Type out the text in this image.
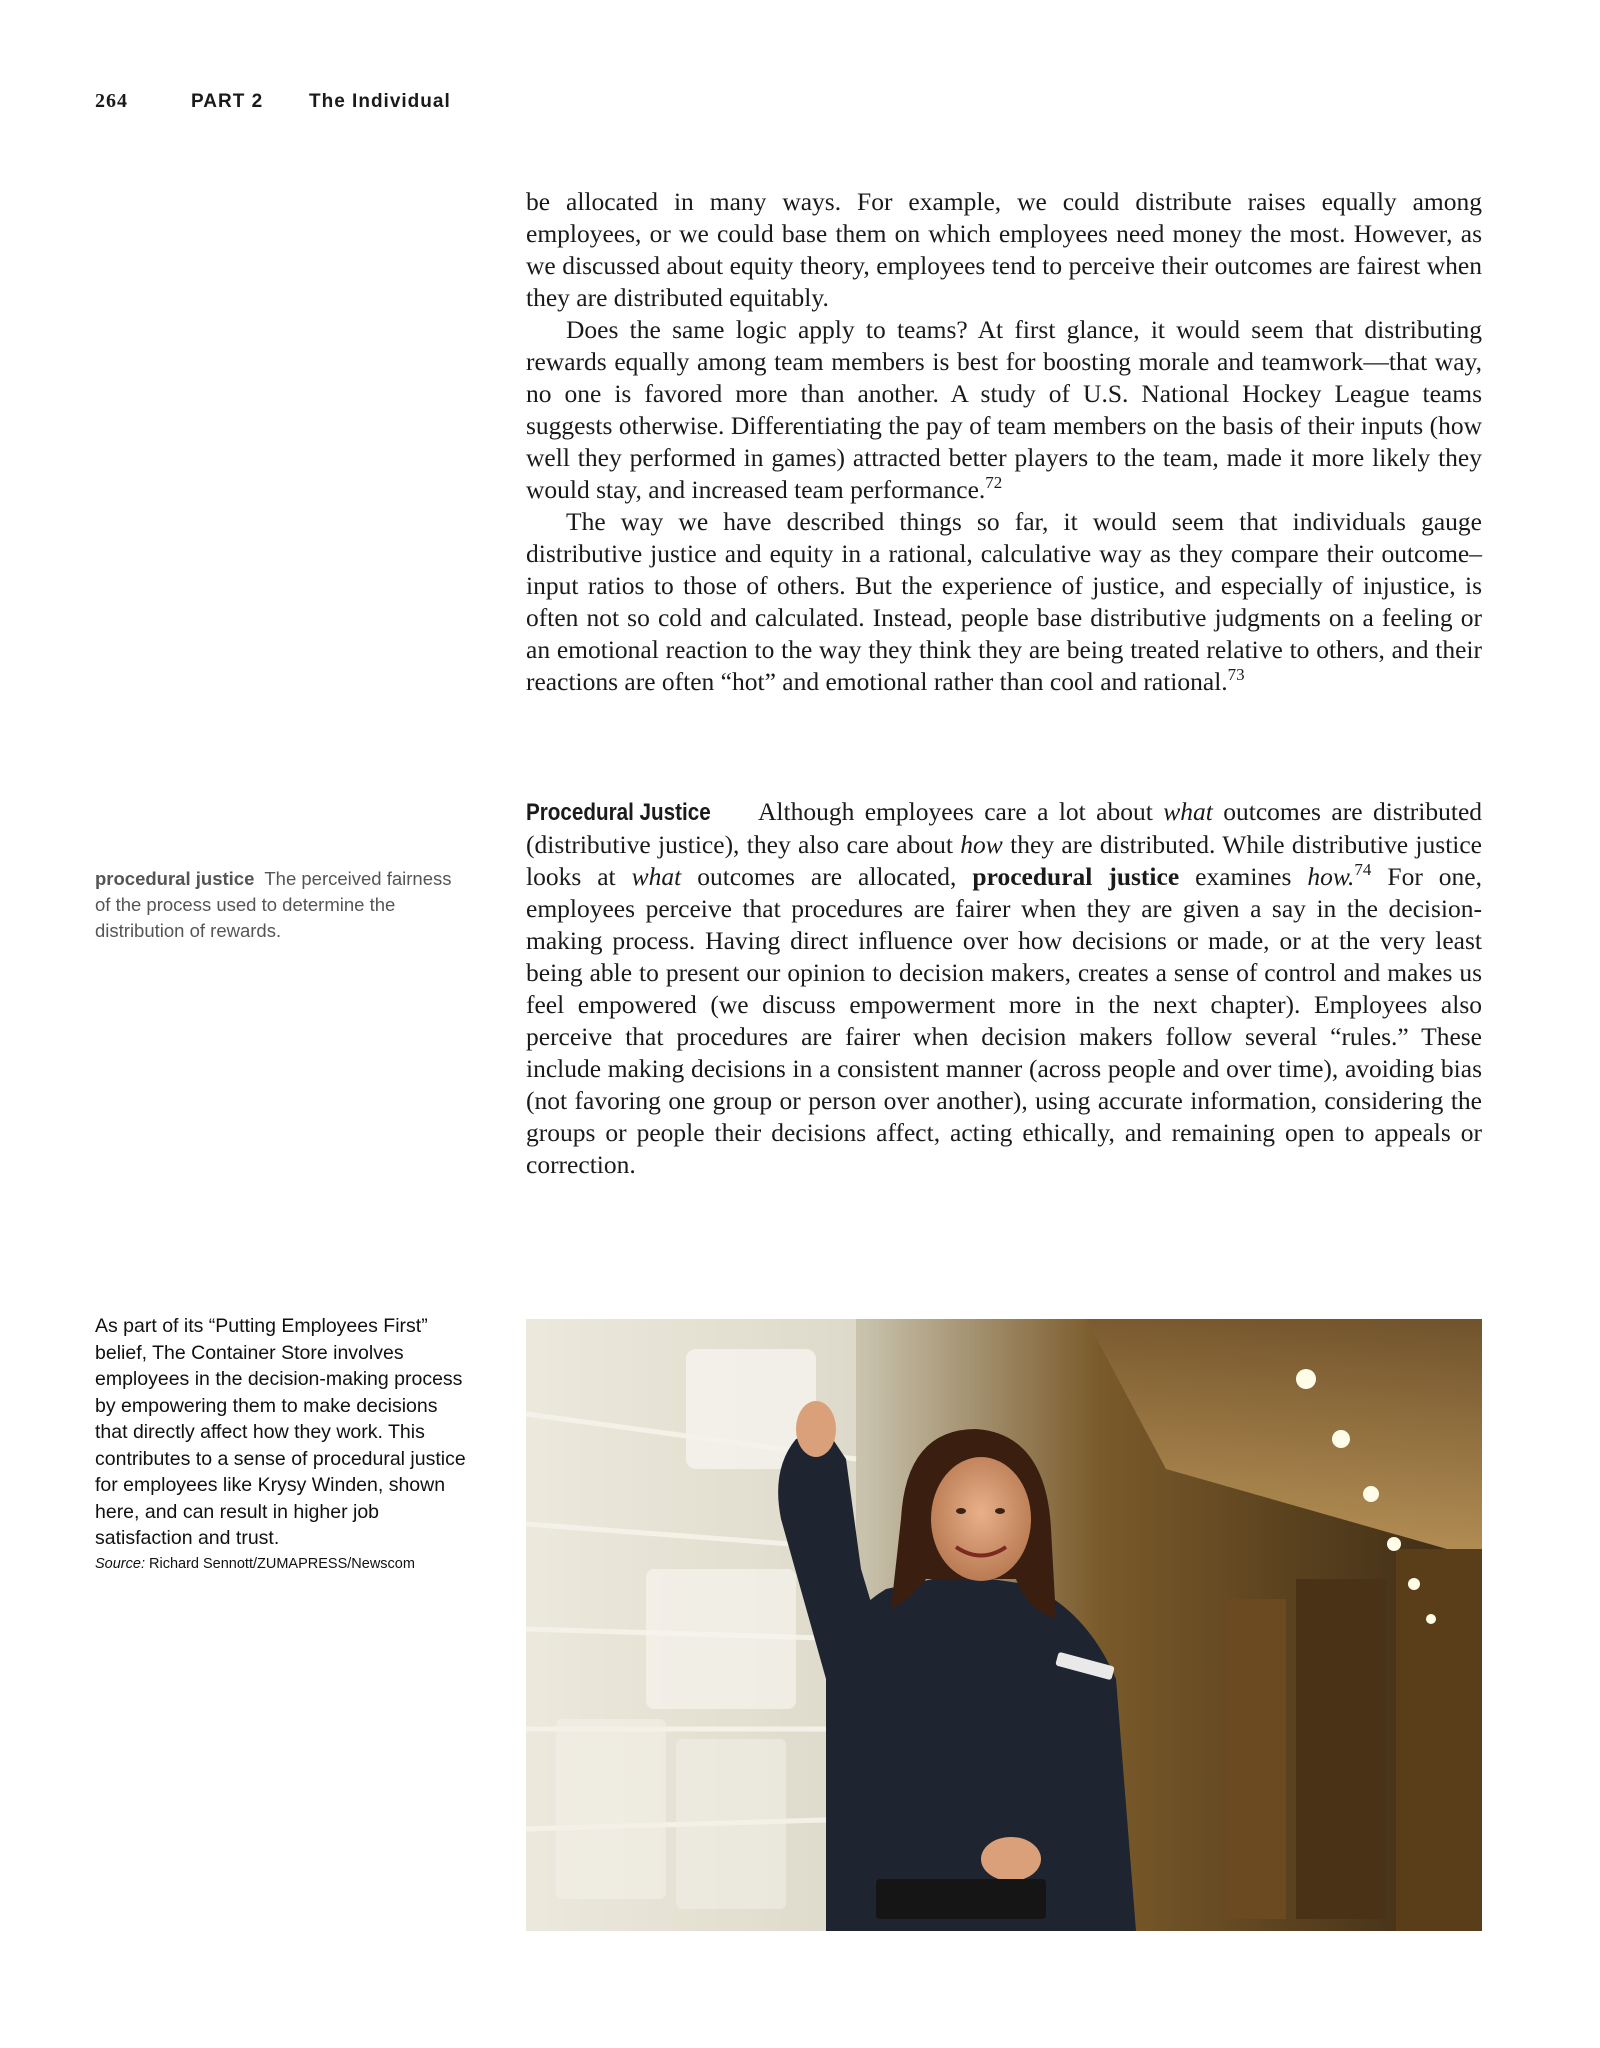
264	PART 2 The Individual

be allocated in many ways. For example, we could distribute raises equally among employees, or we could base them on which employees need money the most. However, as we discussed about equity theory, employees tend to perceive their outcomes are fairest when they are distributed equitably.

Does the same logic apply to teams? At first glance, it would seem that distributing rewards equally among team members is best for boosting morale and teamwork—that way, no one is favored more than another. A study of U.S. National Hockey League teams suggests otherwise. Differentiating the pay of team members on the basis of their inputs (how well they performed in games) attracted better players to the team, made it more likely they would stay, and increased team performance.$^{72}$

The way we have described things so far, it would seem that individuals gauge distributive justice and equity in a rational, calculative way as they compare their outcome–input ratios to those of others. But the experience of justice, and especially of injustice, is often not so cold and calculated. Instead, people base distributive judgments on a feeling or an emotional reaction to the way they think they are being treated relative to others, and their reactions are often “hot” and emotional rather than cool and rational.$^{73}$

Procedural Justice Although employees care a lot about what outcomes are distributed (distributive justice), they also care about how they are distributed. While distributive justice looks at what outcomes are allocated, procedural justice examines how.$^{74}$ For one, employees perceive that procedures are fairer when they are given a say in the decision-making process. Having direct influence over how decisions or made, or at the very least being able to present our opinion to decision makers, creates a sense of control and makes us feel empowered (we discuss empowerment more in the next chapter). Employees also perceive that procedures are fairer when decision makers follow several “rules.” These include making decisions in a consistent manner (across people and over time), avoiding bias (not favoring one group or person over another), using accurate information, considering the groups or people their decisions affect, acting ethically, and remaining open to appeals or correction.

procedural justice The perceived fairness of the process used to determine the distribution of rewards.
As part of its “Putting Employees First” belief, The Container Store involves employees in the decision-making process by empowering them to make decisions that directly affect how they work. This contributes to a sense of procedural justice for employees like Krysy Winden, shown here, and can result in higher job satisfaction and trust.
Source: Richard Sennott/ZUMAPRESS/Newscom
